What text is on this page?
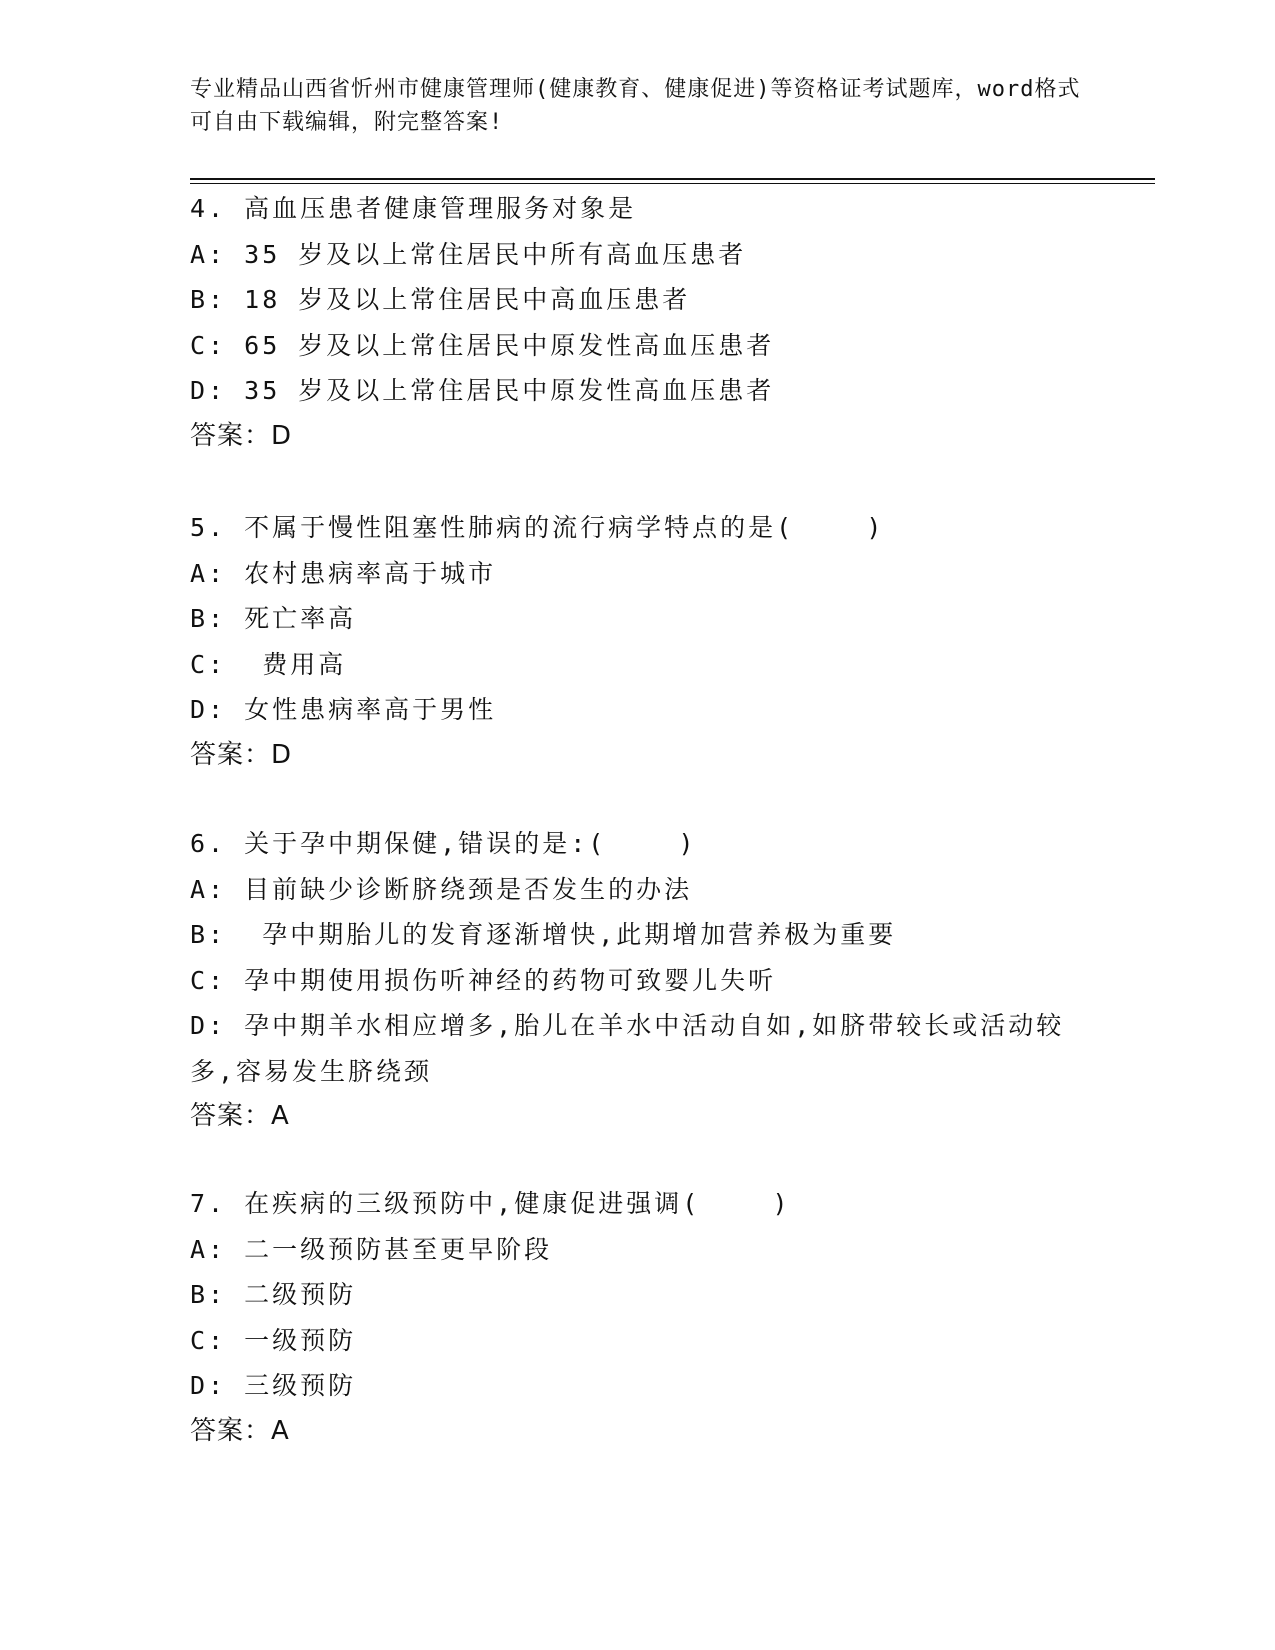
专业精品山西省忻州市健康管理师(健康教育、健康促进)等资格证考试题库，word格式可自由下载编辑，附完整答案!
4. 高血压患者健康管理服务对象是
A: 35 岁及以上常住居民中所有高血压患者
B: 18 岁及以上常住居民中高血压患者
C: 65 岁及以上常住居民中原发性高血压患者
D: 35 岁及以上常住居民中原发性高血压患者
答案：D
5. 不属于慢性阻塞性肺病的流行病学特点的是(    )
A: 农村患病率高于城市
B: 死亡率高
C:  费用高
D: 女性患病率高于男性
答案：D
6. 关于孕中期保健,错误的是:(    )
A: 目前缺少诊断脐绕颈是否发生的办法
B:  孕中期胎儿的发育逐渐增快,此期增加营养极为重要
C: 孕中期使用损伤听神经的药物可致婴儿失听
D: 孕中期羊水相应增多,胎儿在羊水中活动自如,如脐带较长或活动较多,容易发生脐绕颈
答案：A
7. 在疾病的三级预防中,健康促进强调(    )
A: 二一级预防甚至更早阶段
B: 二级预防
C: 一级预防
D: 三级预防
答案：A
